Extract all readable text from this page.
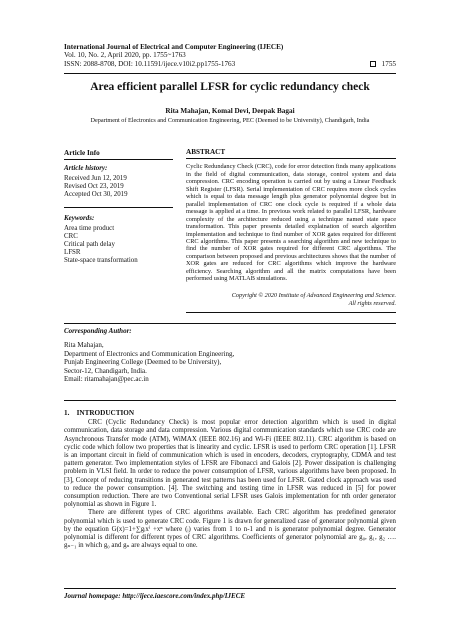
International Journal of Electrical and Computer Engineering (IJECE)
Vol. 10, No. 2, April 2020, pp. 1755~1763
ISSN: 2088-8708, DOI: 10.11591/ijece.v10i2.pp1755-1763	1755
Area efficient parallel LFSR for cyclic redundancy check
Rita Mahajan, Komal Devi, Deepak Bagai
Department of Electronics and Communication Engineering, PEC (Deemed to be University), Chandigarh, India
Article Info
Article history:
Received Jun 12, 2019
Revised Oct 23, 2019
Accepted Oct 30, 2019
Keywords:
Area time product
CRC
Critical path delay
LFSR
State-space transformation
ABSTRACT
Cyclic Redundancy Check (CRC), code for error detection finds many applications in the field of digital communication, data storage, control system and data compression. CRC encoding operation is carried out by using a Linear Feedback Shift Register (LFSR). Serial implementation of CRC requires more clock cycles which is equal to data message length plus generator polynomial degree but in parallel implementation of CRC one clock cycle is required if a whole data message is applied at a time. In previous work related to parallel LFSR, hardware complexity of the architecture reduced using a technique named state space transformation. This paper presents detailed explaination of search algorithm implementation and technique to find number of XOR gates required for different CRC algorithms. This paper presents a searching algorithm and new technique to find the number of XOR gates required for different CRC algorithms. The comparison between proposed and previous architectures shows that the number of XOR gates are reduced for CRC algorithms which improve the hardware efficiency. Searching algorithm and all the matrix computations have been performed using MATLAB simulations.
Copyright © 2020 Institute of Advanced Engineering and Science.
All rights reserved.
Corresponding Author:
Rita Mahajan,
Department of Electronics and Communication Engineering,
Punjab Engineering College (Deemed to be University),
Sector-12, Chandigarh, India.
Email: ritamahajan@pec.ac.in
1.    INTRODUCTION

CRC (Cyclic Redundancy Check) is most popular error detection algorithm which is used in digital communication, data storage and data compression. Various digital communication standards which use CRC code are Asynchronous Transfer mode (ATM), WiMAX (IEEE 802.16) and Wi-Fi (IEEE 802.11). CRC algorithm is based on cyclic code which follow two properties that is linearity and cyclic. LFSR is used to perform CRC operation [1]. LFSR is an important circuit in field of communication which is used in encoders, decoders, cryptography, CDMA and test pattern generator. Two implementation styles of LFSR are Fibonacci and Galois [2]. Power dissipation is challenging problem in VLSI field. In order to reduce the power consumption of LFSR, various algorithms have been proposed. In [3], Concept of reducing transitions in generated test patterns has been used for LFSR. Gated clock approach was used to reduce the power consumption. [4]. The switching and testing time in LFSR was reduced in [5] for power consumption reduction. There are two Conventional serial LFSR uses Galois implementation for nth order generator polynomial as shown in Figure 1.

There are different types of CRC algorithms available. Each CRC algorithm has predefined generator polynomial which is used to generate CRC code. Figure 1 is drawn for generalized case of generator polynomial given by the equation G(x)=1+∑gᵢxⁱ +xⁿ where (ᵢ) varies from 1 to n-1 and n is generator polynomial degree. Generator polynomial is different for different types of CRC algorithms. Coefficients of generator polynomial are g₀, g₁, g₂ …. gₙ₋₁ in which g₀ and gₙ are always equal to one.

Journal homepage: http://ijece.iaescore.com/index.php/IJECE
